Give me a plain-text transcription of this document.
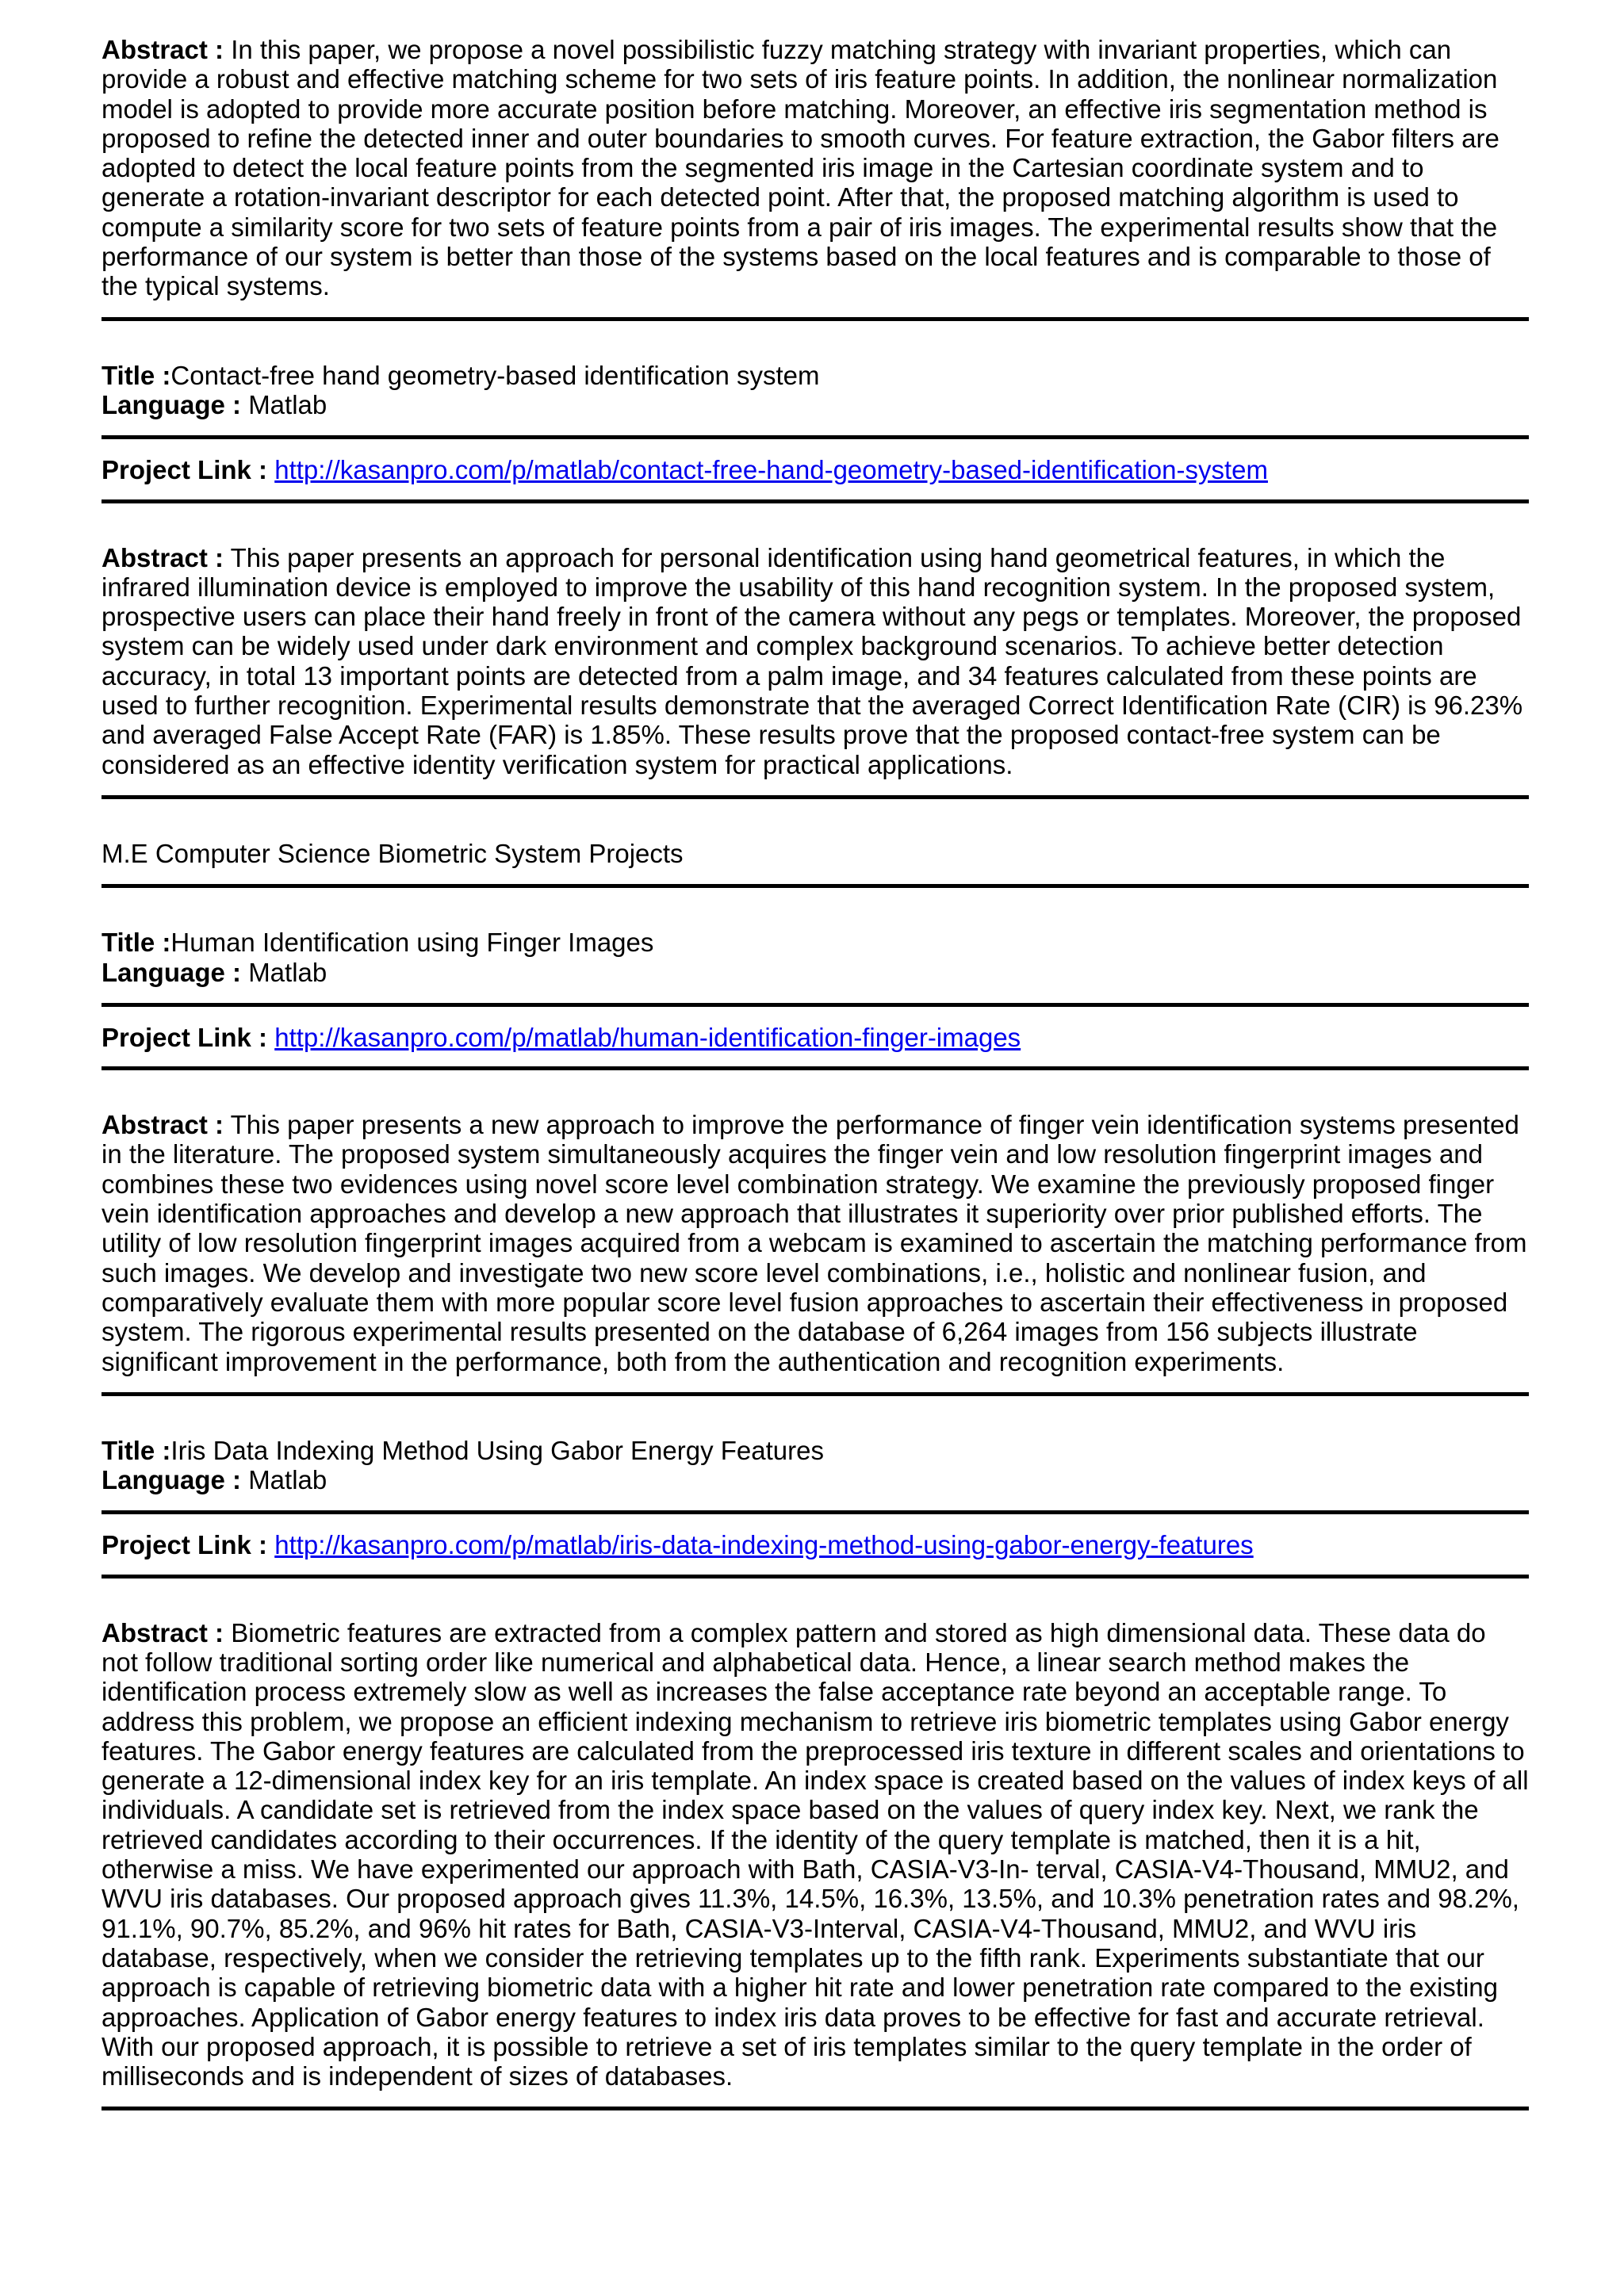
Abstract : In this paper, we propose a novel possibilistic fuzzy matching strategy with invariant properties, which can provide a robust and effective matching scheme for two sets of iris feature points. In addition, the nonlinear normalization model is adopted to provide more accurate position before matching. Moreover, an effective iris segmentation method is proposed to refine the detected inner and outer boundaries to smooth curves. For feature extraction, the Gabor filters are adopted to detect the local feature points from the segmented iris image in the Cartesian coordinate system and to generate a rotation-invariant descriptor for each detected point. After that, the proposed matching algorithm is used to compute a similarity score for two sets of feature points from a pair of iris images. The experimental results show that the performance of our system is better than those of the systems based on the local features and is comparable to those of the typical systems.

Title :Contact-free hand geometry-based identification system

Language : Matlab

Project Link : http://kasanpro.com/p/matlab/contact-free-hand-geometry-based-identification-system

Abstract : This paper presents an approach for personal identification using hand geometrical features, in which the infrared illumination device is employed to improve the usability of this hand recognition system. In the proposed system, prospective users can place their hand freely in front of the camera without any pegs or templates. Moreover, the proposed system can be widely used under dark environment and complex background scenarios. To achieve better detection accuracy, in total 13 important points are detected from a palm image, and 34 features calculated from these points are used to further recognition. Experimental results demonstrate that the averaged Correct Identification Rate (CIR) is 96.23% and averaged False Accept Rate (FAR) is 1.85%. These results prove that the proposed contact-free system can be considered as an effective identity verification system for practical applications.

M.E Computer Science Biometric System Projects

Title :Human Identification using Finger Images

Language : Matlab

Project Link : http://kasanpro.com/p/matlab/human-identification-finger-images

Abstract : This paper presents a new approach to improve the performance of finger vein identification systems presented in the literature. The proposed system simultaneously acquires the finger vein and low resolution fingerprint images and combines these two evidences using novel score level combination strategy. We examine the previously proposed finger vein identification approaches and develop a new approach that illustrates it superiority over prior published efforts. The utility of low resolution fingerprint images acquired from a webcam is examined to ascertain the matching performance from such images. We develop and investigate two new score level combinations, i.e., holistic and nonlinear fusion, and comparatively evaluate them with more popular score level fusion approaches to ascertain their effectiveness in proposed system. The rigorous experimental results presented on the database of 6,264 images from 156 subjects illustrate significant improvement in the performance, both from the authentication and recognition experiments.

Title :Iris Data Indexing Method Using Gabor Energy Features

Language : Matlab

Project Link : http://kasanpro.com/p/matlab/iris-data-indexing-method-using-gabor-energy-features

Abstract : Biometric features are extracted from a complex pattern and stored as high dimensional data. These data do not follow traditional sorting order like numerical and alphabetical data. Hence, a linear search method makes the identification process extremely slow as well as increases the false acceptance rate beyond an acceptable range. To address this problem, we propose an efficient indexing mechanism to retrieve iris biometric templates using Gabor energy features. The Gabor energy features are calculated from the preprocessed iris texture in different scales and orientations to generate a 12-dimensional index key for an iris template. An index space is created based on the values of index keys of all individuals. A candidate set is retrieved from the index space based on the values of query index key. Next, we rank the retrieved candidates according to their occurrences. If the identity of the query template is matched, then it is a hit, otherwise a miss. We have experimented our approach with Bath, CASIA-V3-In- terval, CASIA-V4-Thousand, MMU2, and WVU iris databases. Our proposed approach gives 11.3%, 14.5%, 16.3%, 13.5%, and 10.3% penetration rates and 98.2%, 91.1%, 90.7%, 85.2%, and 96% hit rates for Bath, CASIA-V3-Interval, CASIA-V4-Thousand, MMU2, and WVU iris database, respectively, when we consider the retrieving templates up to the fifth rank. Experiments substantiate that our approach is capable of retrieving biometric data with a higher hit rate and lower penetration rate compared to the existing approaches. Application of Gabor energy features to index iris data proves to be effective for fast and accurate retrieval. With our proposed approach, it is possible to retrieve a set of iris templates similar to the query template in the order of milliseconds and is independent of sizes of databases.
